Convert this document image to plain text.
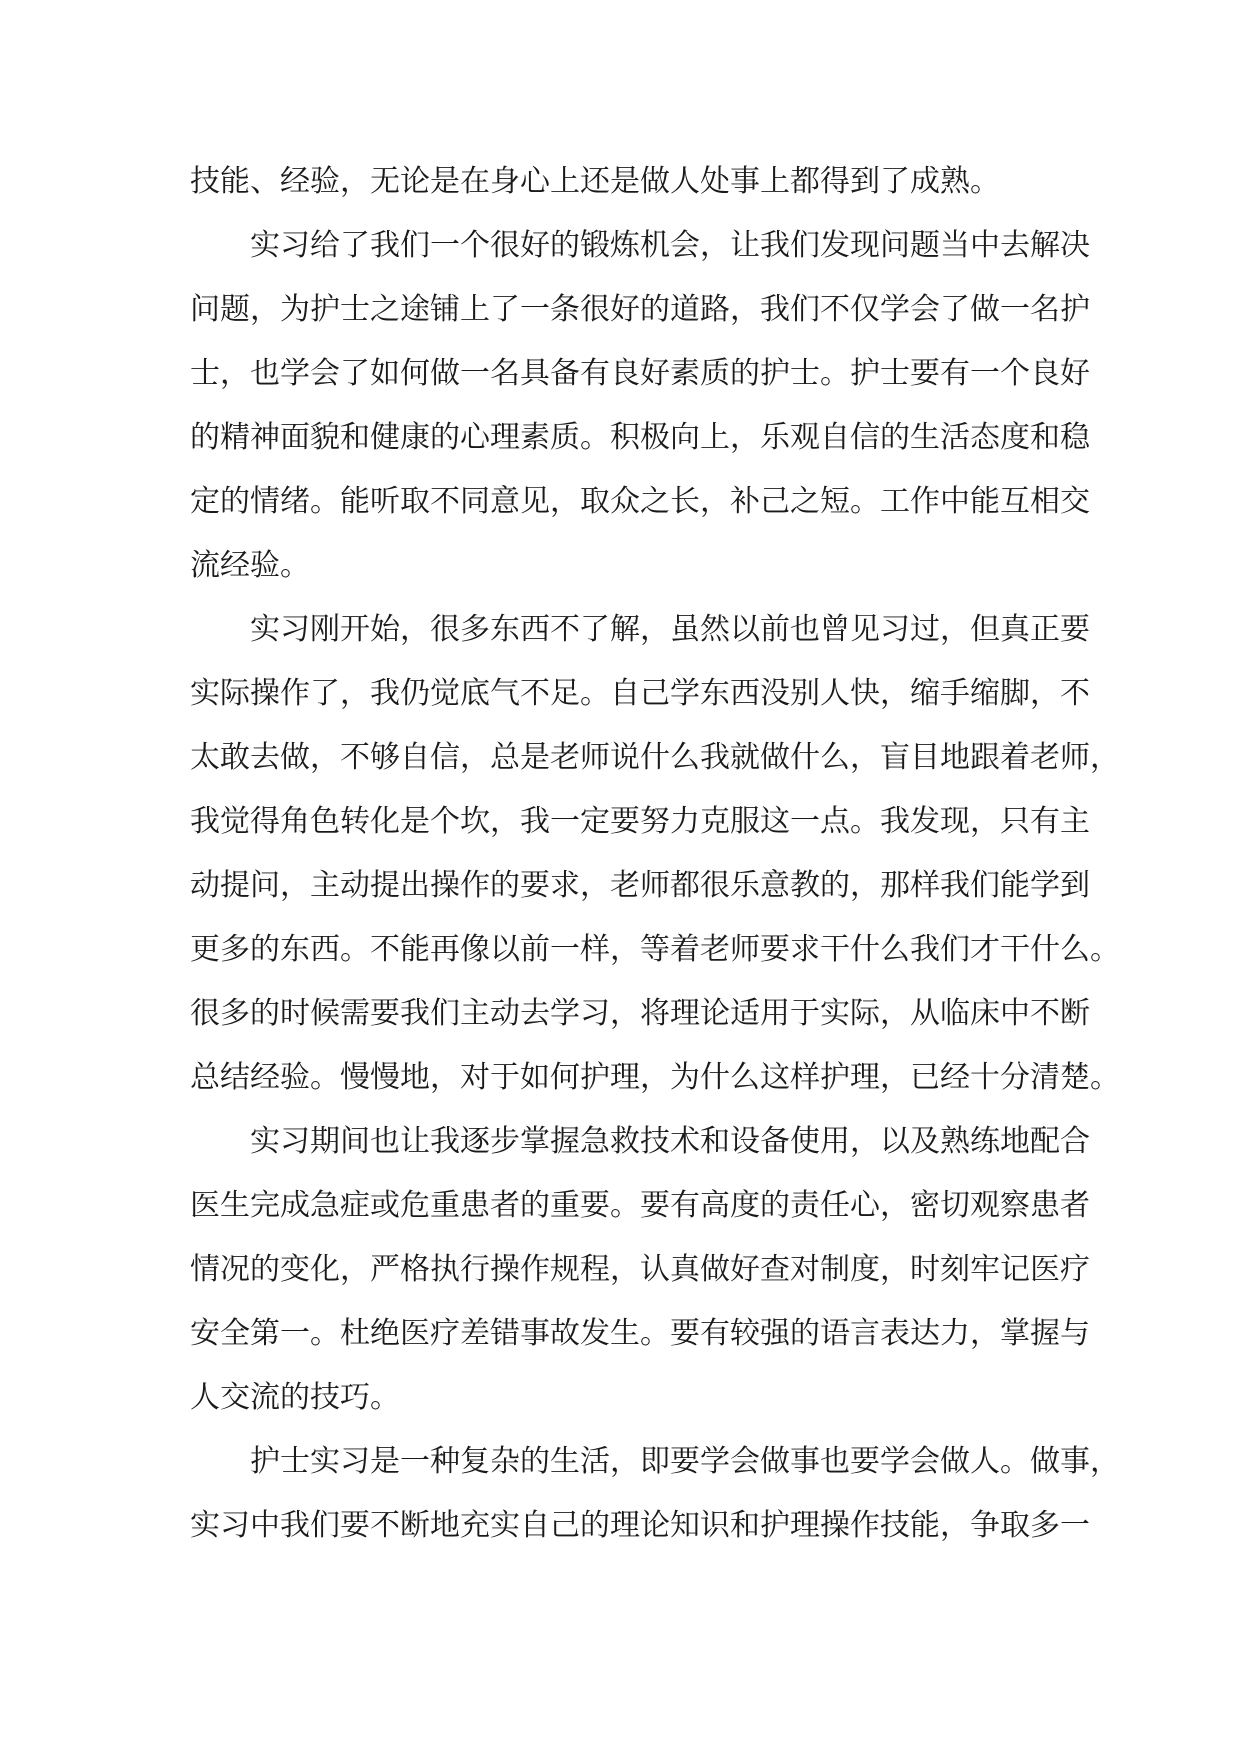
技能、经验，无论是在身心上还是做人处事上都得到了成熟。
实习给了我们一个很好的锻炼机会，让我们发现问题当中去解决
问题，为护士之途铺上了一条很好的道路，我们不仅学会了做一名护
士，也学会了如何做一名具备有良好素质的护士。护士要有一个良好
的精神面貌和健康的心理素质。积极向上，乐观自信的生活态度和稳
定的情绪。能听取不同意见，取众之长，补己之短。工作中能互相交
流经验。
实习刚开始，很多东西不了解，虽然以前也曾见习过，但真正要
实际操作了，我仍觉底气不足。自己学东西没别人快，缩手缩脚，不
太敢去做，不够自信，总是老师说什么我就做什么，盲目地跟着老师，
我觉得角色转化是个坎，我一定要努力克服这一点。我发现，只有主
动提问，主动提出操作的要求，老师都很乐意教的，那样我们能学到
更多的东西。不能再像以前一样，等着老师要求干什么我们才干什么。
很多的时候需要我们主动去学习，将理论适用于实际，从临床中不断
总结经验。慢慢地，对于如何护理，为什么这样护理，已经十分清楚。
实习期间也让我逐步掌握急救技术和设备使用，以及熟练地配合
医生完成急症或危重患者的重要。要有高度的责任心，密切观察患者
情况的变化，严格执行操作规程，认真做好查对制度，时刻牢记医疗
安全第一。杜绝医疗差错事故发生。要有较强的语言表达力，掌握与
人交流的技巧。
护士实习是一种复杂的生活，即要学会做事也要学会做人。做事，
实习中我们要不断地充实自己的理论知识和护理操作技能，争取多一
